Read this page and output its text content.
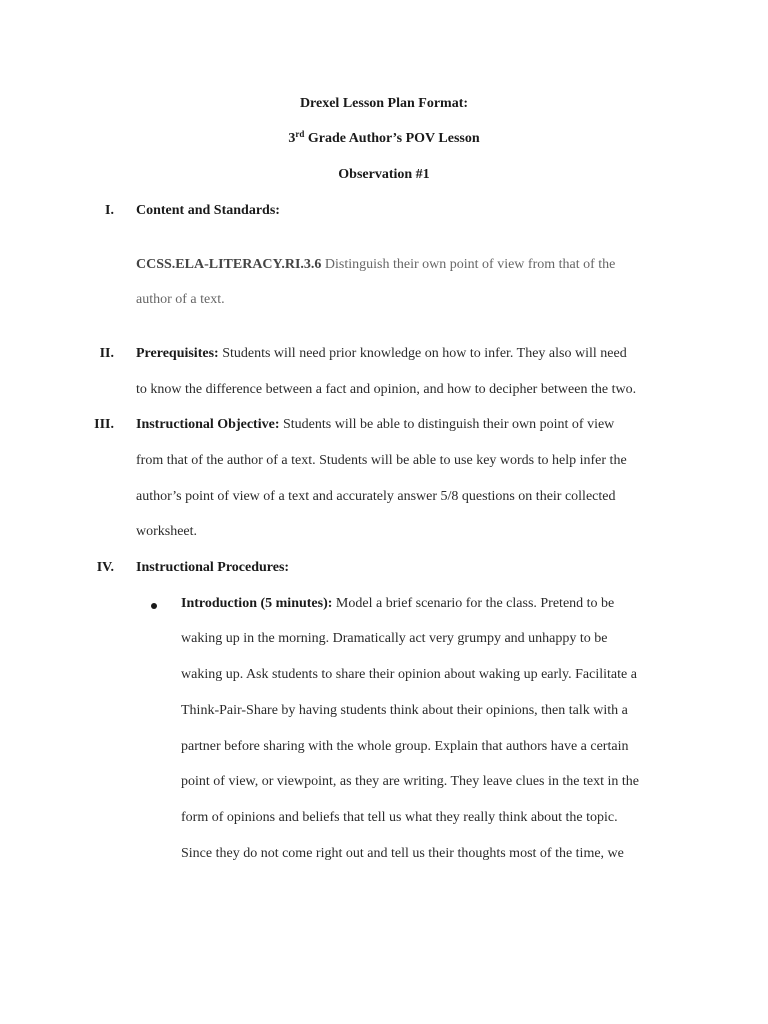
Drexel Lesson Plan Format:
3rd Grade Author’s POV Lesson
Observation #1
I. Content and Standards:
CCSS.ELA-LITERACY.RI.3.6 Distinguish their own point of view from that of the
author of a text.
II. Prerequisites: Students will need prior knowledge on how to infer. They also will need
to know the difference between a fact and opinion, and how to decipher between the two.
III. Instructional Objective: Students will be able to distinguish their own point of view
from that of the author of a text. Students will be able to use key words to help infer the
author’s point of view of a text and accurately answer 5/8 questions on their collected
worksheet.
IV. Instructional Procedures:
Introduction (5 minutes): Model a brief scenario for the class. Pretend to be
waking up in the morning. Dramatically act very grumpy and unhappy to be
waking up. Ask students to share their opinion about waking up early. Facilitate a
Think-Pair-Share by having students think about their opinions, then talk with a
partner before sharing with the whole group. Explain that authors have a certain
point of view, or viewpoint, as they are writing. They leave clues in the text in the
form of opinions and beliefs that tell us what they really think about the topic.
Since they do not come right out and tell us their thoughts most of the time, we
